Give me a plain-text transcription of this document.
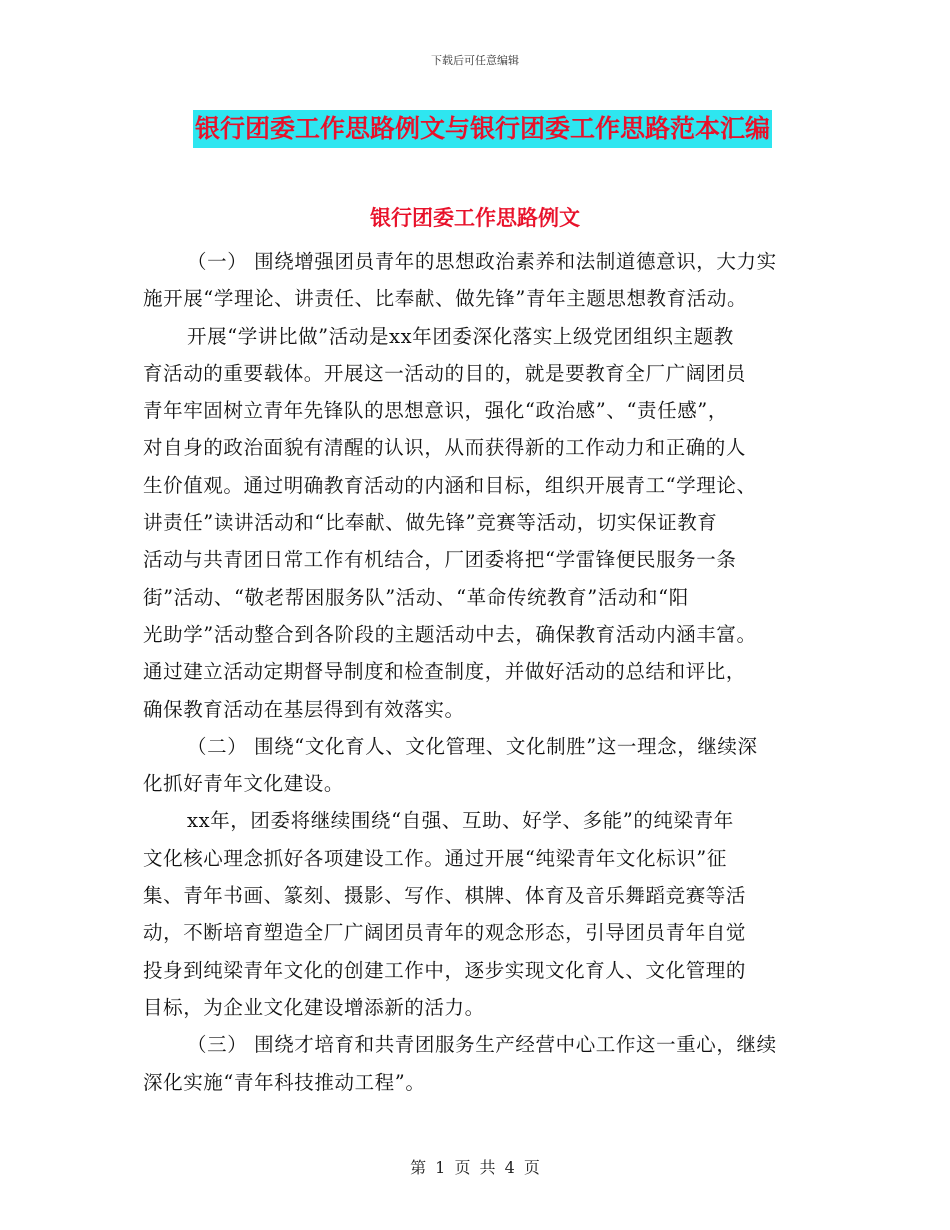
下载后可任意编辑
银行团委工作思路例文与银行团委工作思路范本汇编
银行团委工作思路例文
（一） 围绕增强团员青年的思想政治素养和法制道德意识，大力实
施开展“学理论、讲责任、比奉献、做先锋”青年主题思想教育活动。
开展“学讲比做”活动是xx年团委深化落实上级党团组织主题教
育活动的重要载体。开展这一活动的目的，就是要教育全厂广阔团员
青年牢固树立青年先锋队的思想意识，强化“政治感”、“责任感”，
对自身的政治面貌有清醒的认识，从而获得新的工作动力和正确的人
生价值观。通过明确教育活动的内涵和目标，组织开展青工“学理论、
讲责任”读讲活动和“比奉献、做先锋”竞赛等活动，切实保证教育
活动与共青团日常工作有机结合，厂团委将把“学雷锋便民服务一条
街”活动、“敬老帮困服务队”活动、“革命传统教育”活动和“阳
光助学”活动整合到各阶段的主题活动中去，确保教育活动内涵丰富。
通过建立活动定期督导制度和检查制度，并做好活动的总结和评比，
确保教育活动在基层得到有效落实。
（二） 围绕“文化育人、文化管理、文化制胜”这一理念，继续深
化抓好青年文化建设。
xx年，团委将继续围绕“自强、互助、好学、多能”的纯梁青年
文化核心理念抓好各项建设工作。通过开展“纯梁青年文化标识”征
集、青年书画、篆刻、摄影、写作、棋牌、体育及音乐舞蹈竞赛等活
动，不断培育塑造全厂广阔团员青年的观念形态，引导团员青年自觉
投身到纯梁青年文化的创建工作中，逐步实现文化育人、文化管理的
目标，为企业文化建设增添新的活力。
（三） 围绕才培育和共青团服务生产经营中心工作这一重心，继续
深化实施“青年科技推动工程”。
第 1 页 共 4 页
